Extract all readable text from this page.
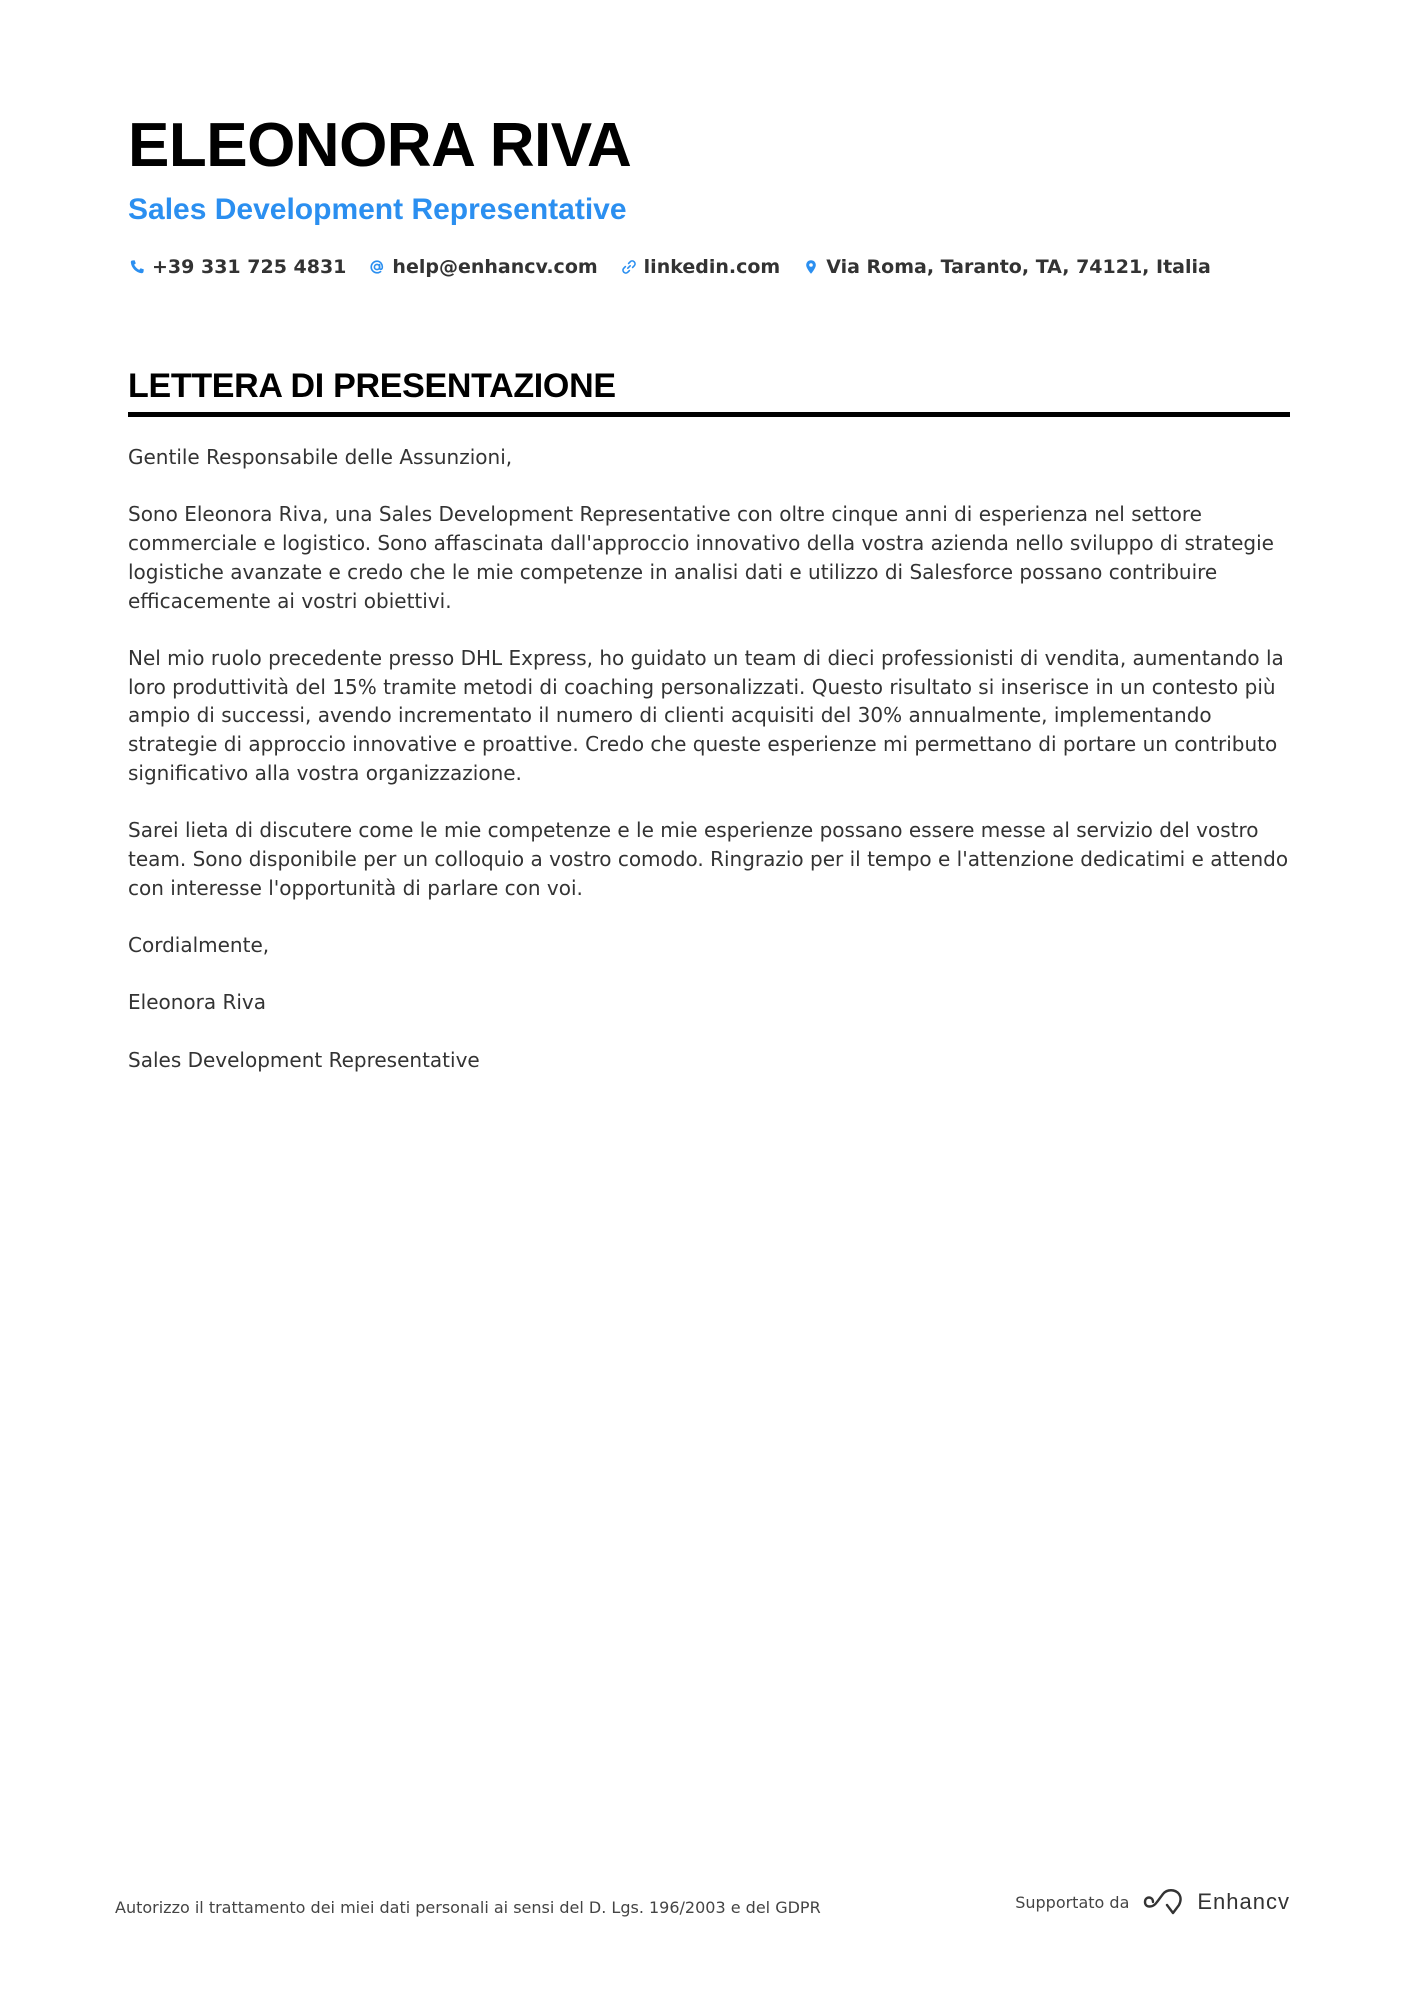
ELEONORA RIVA
Sales Development Representative
+39 331 725 4831 help@enhancv.com linkedin.com Via Roma, Taranto, TA, 74121, Italia
LETTERA DI PRESENTAZIONE

Gentile Responsabile delle Assunzioni,

Sono Eleonora Riva, una Sales Development Representative con oltre cinque anni di esperienza nel settore commerciale e logistico. Sono affascinata dall'approccio innovativo della vostra azienda nello sviluppo di strategie logistiche avanzate e credo che le mie competenze in analisi dati e utilizzo di Salesforce possano contribuire efficacemente ai vostri obiettivi.

Nel mio ruolo precedente presso DHL Express, ho guidato un team di dieci professionisti di vendita, aumentando la loro produttività del 15% tramite metodi di coaching personalizzati. Questo risultato si inserisce in un contesto più ampio di successi, avendo incrementato il numero di clienti acquisiti del 30% annualmente, implementando strategie di approccio innovative e proattive. Credo che queste esperienze mi permettano di portare un contributo significativo alla vostra organizzazione.

Sarei lieta di discutere come le mie competenze e le mie esperienze possano essere messe al servizio del vostro team. Sono disponibile per un colloquio a vostro comodo. Ringrazio per il tempo e l'attenzione dedicatimi e attendo con interesse l'opportunità di parlare con voi.

Cordialmente,

Eleonora Riva

Sales Development Representative

Autorizzo il trattamento dei miei dati personali ai sensi del D. Lgs. 196/2003 e del GDPR	Supportato da	Enhancv
